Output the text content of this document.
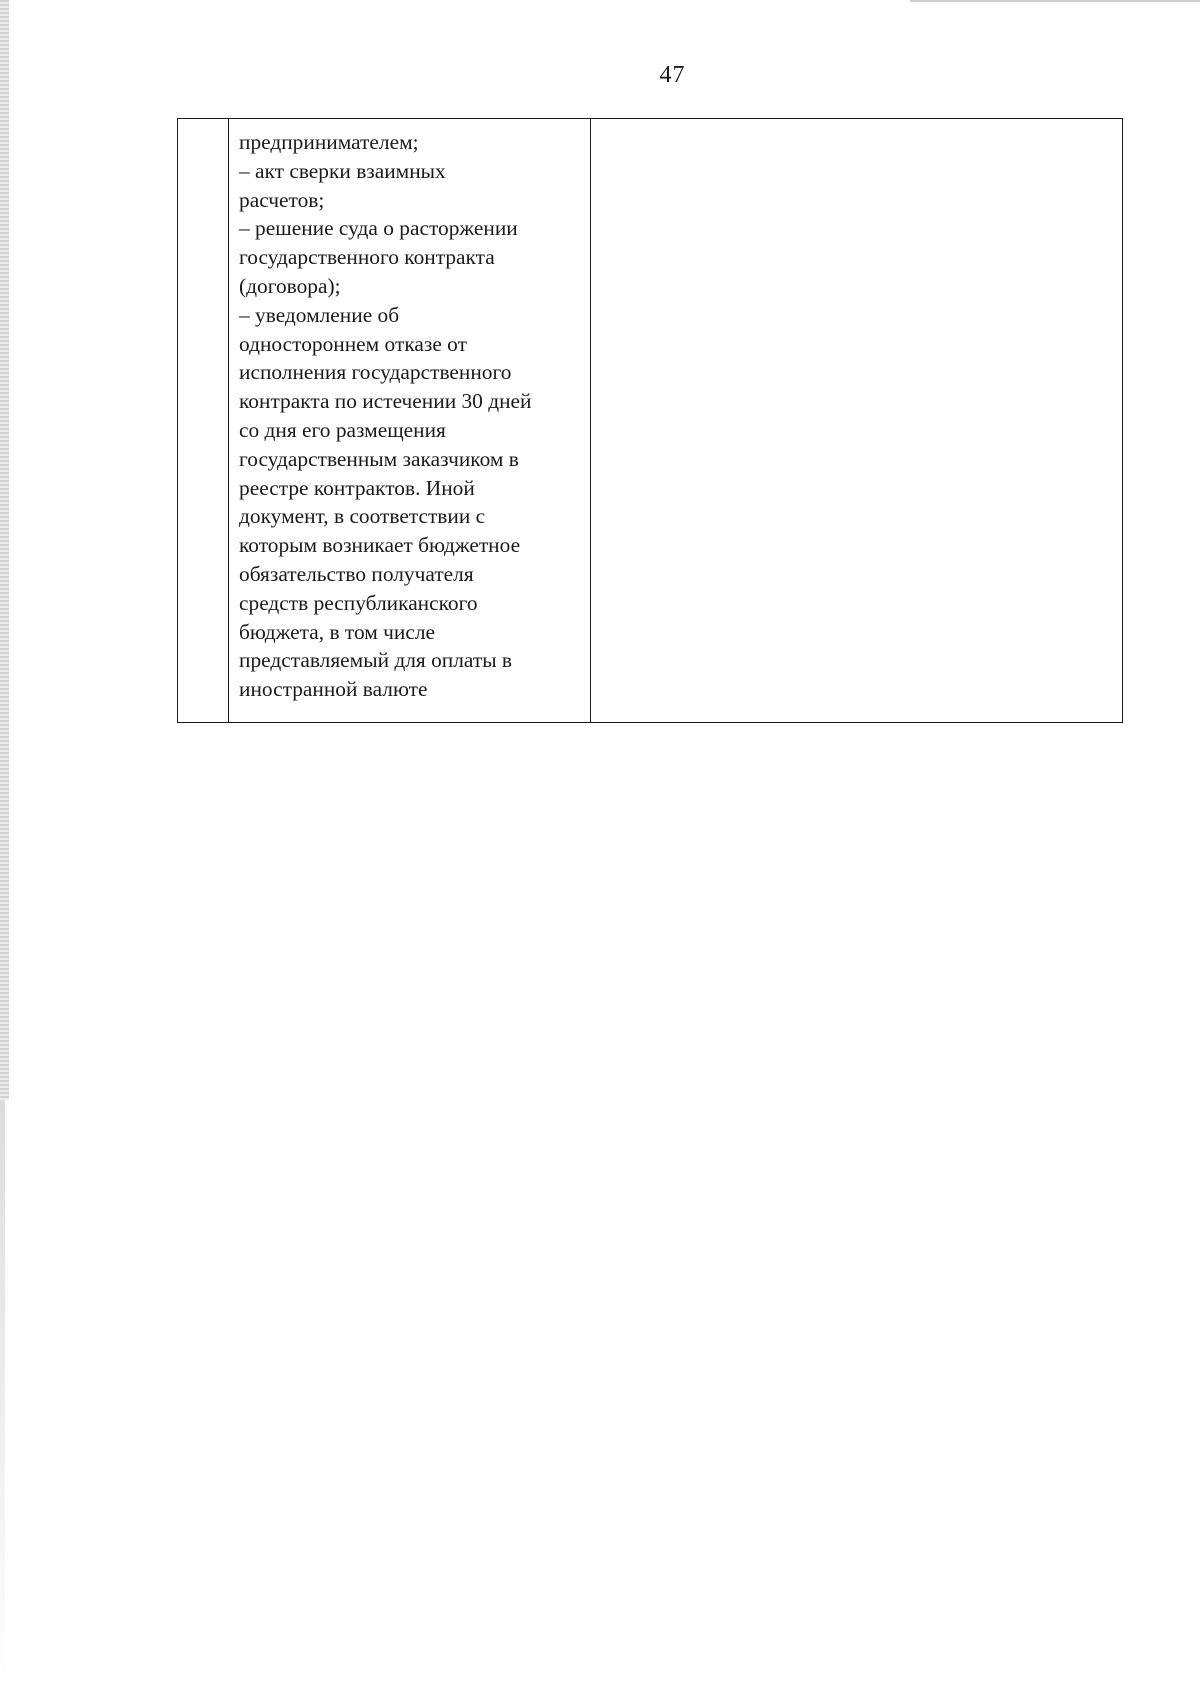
47

предпринимателем;
– акт сверки взаимных
расчетов;
– решение суда о расторжении
государственного контракта
(договора);
– уведомление об
одностороннем отказе от
исполнения государственного
контракта по истечении 30 дней
со дня его размещения
государственным заказчиком в
реестре контрактов. Иной
документ, в соответствии с
которым возникает бюджетное
обязательство получателя
средств республиканского
бюджета, в том числе
представляемый для оплаты в
иностранной валюте
